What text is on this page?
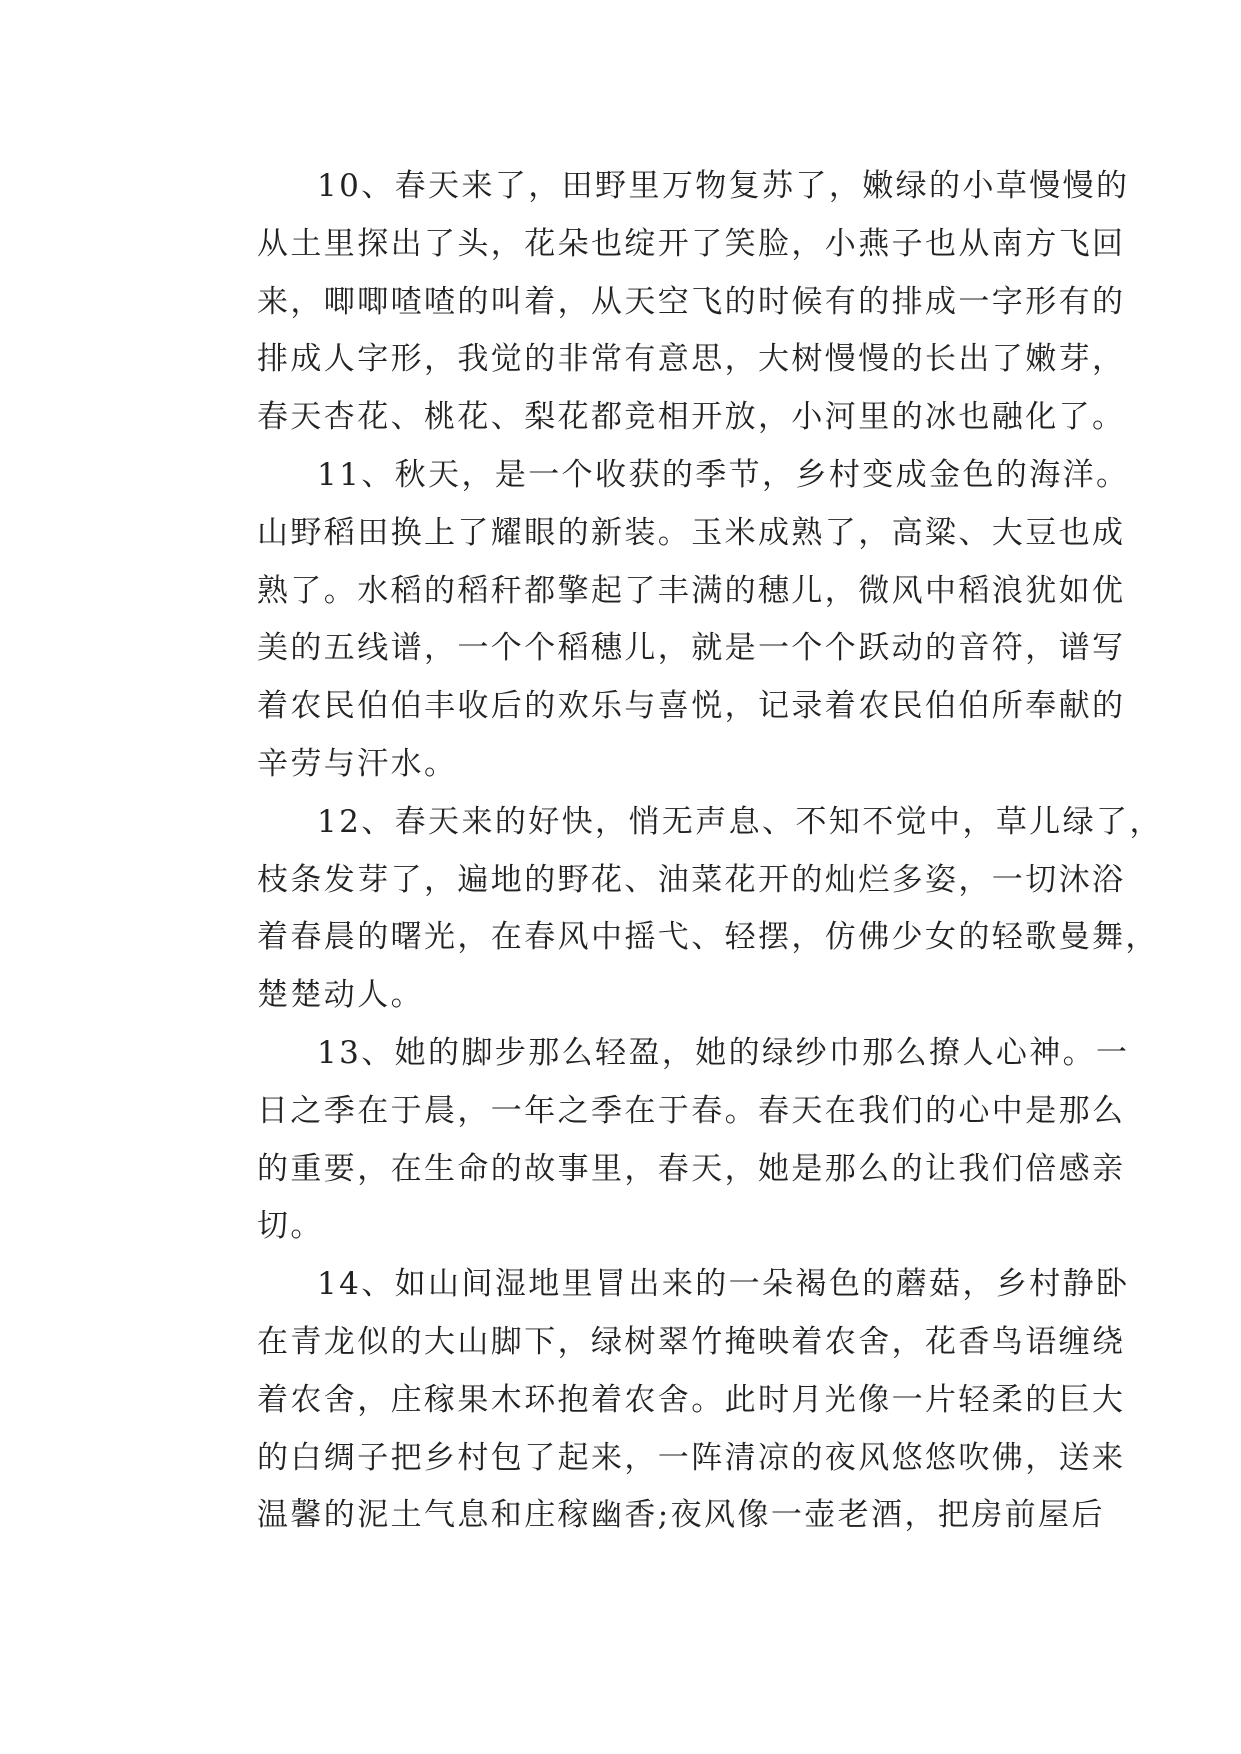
10、春天来了，田野里万物复苏了，嫩绿的小草慢慢的
从土里探出了头，花朵也绽开了笑脸，小燕子也从南方飞回
来，唧唧喳喳的叫着，从天空飞的时候有的排成一字形有的
排成人字形，我觉的非常有意思，大树慢慢的长出了嫩芽，
春天杏花、桃花、梨花都竞相开放，小河里的冰也融化了。
11、秋天，是一个收获的季节，乡村变成金色的海洋。
山野稻田换上了耀眼的新装。玉米成熟了，高粱、大豆也成
熟了。水稻的稻秆都擎起了丰满的穗儿，微风中稻浪犹如优
美的五线谱，一个个稻穗儿，就是一个个跃动的音符，谱写
着农民伯伯丰收后的欢乐与喜悦，记录着农民伯伯所奉献的
辛劳与汗水。
12、春天来的好快，悄无声息、不知不觉中，草儿绿了，
枝条发芽了，遍地的野花、油菜花开的灿烂多姿，一切沐浴
着春晨的曙光，在春风中摇弋、轻摆，仿佛少女的轻歌曼舞，
楚楚动人。
13、她的脚步那么轻盈，她的绿纱巾那么撩人心神。一
日之季在于晨，一年之季在于春。春天在我们的心中是那么
的重要，在生命的故事里，春天，她是那么的让我们倍感亲
切。
14、如山间湿地里冒出来的一朵褐色的蘑菇，乡村静卧
在青龙似的大山脚下，绿树翠竹掩映着农舍，花香鸟语缠绕
着农舍，庄稼果木环抱着农舍。此时月光像一片轻柔的巨大
的白绸子把乡村包了起来，一阵清凉的夜风悠悠吹佛，送来
温馨的泥土气息和庄稼幽香;夜风像一壶老酒，把房前屋后
